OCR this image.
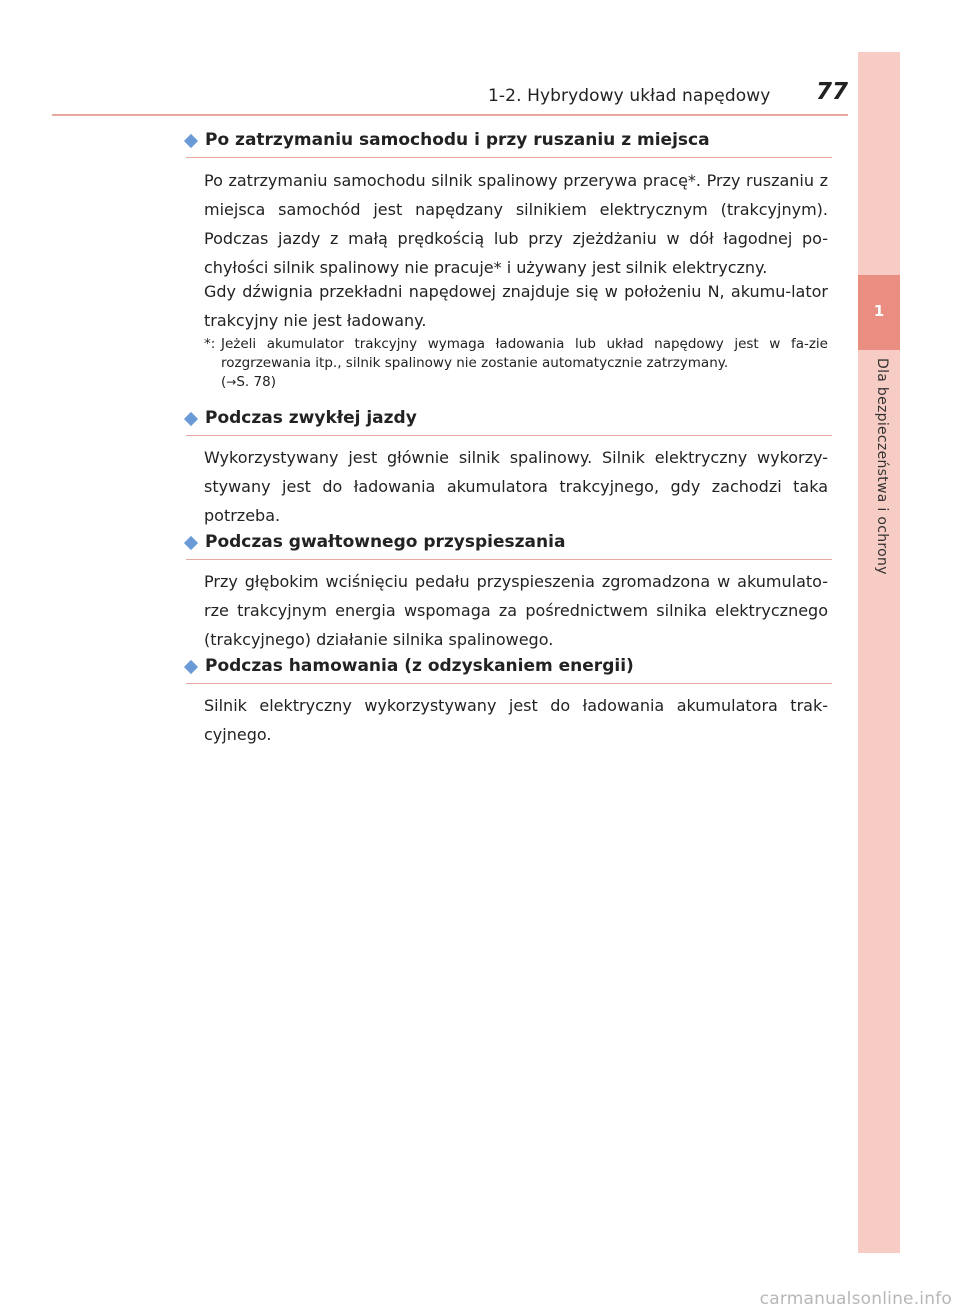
1
Dla bezpieczeństwa i ochrony
1-2. Hybrydowy układ napędowy 77
Po zatrzymaniu samochodu i przy ruszaniu z miejsca

Po zatrzymaniu samochodu silnik spalinowy przerywa pracę*. Przy ruszaniu z miejsca samochód jest napędzany silnikiem elektrycznym (trakcyjnym). Podczas jazdy z małą prędkością lub przy zjeżdżaniu w dół łagodnej po-chyłości silnik spalinowy nie pracuje* i używany jest silnik elektryczny.

Gdy dźwignia przekładni napędowej znajduje się w położeniu N, akumu-lator trakcyjny nie jest ładowany.

*: Jeżeli akumulator trakcyjny wymaga ładowania lub układ napędowy jest w fa-zie rozgrzewania itp., silnik spalinowy nie zostanie automatycznie zatrzymany.
(→S. 78)
Podczas zwykłej jazdy

Wykorzystywany jest głównie silnik spalinowy. Silnik elektryczny wykorzy-stywany jest do ładowania akumulatora trakcyjnego, gdy zachodzi taka potrzeba.

Podczas gwałtownego przyspieszania

Przy głębokim wciśnięciu pedału przyspieszenia zgromadzona w akumulato-rze trakcyjnym energia wspomaga za pośrednictwem silnika elektrycznego (trakcyjnego) działanie silnika spalinowego.

Podczas hamowania (z odzyskaniem energii)

Silnik elektryczny wykorzystywany jest do ładowania akumulatora trak-cyjnego.

carmanualsonline.info
